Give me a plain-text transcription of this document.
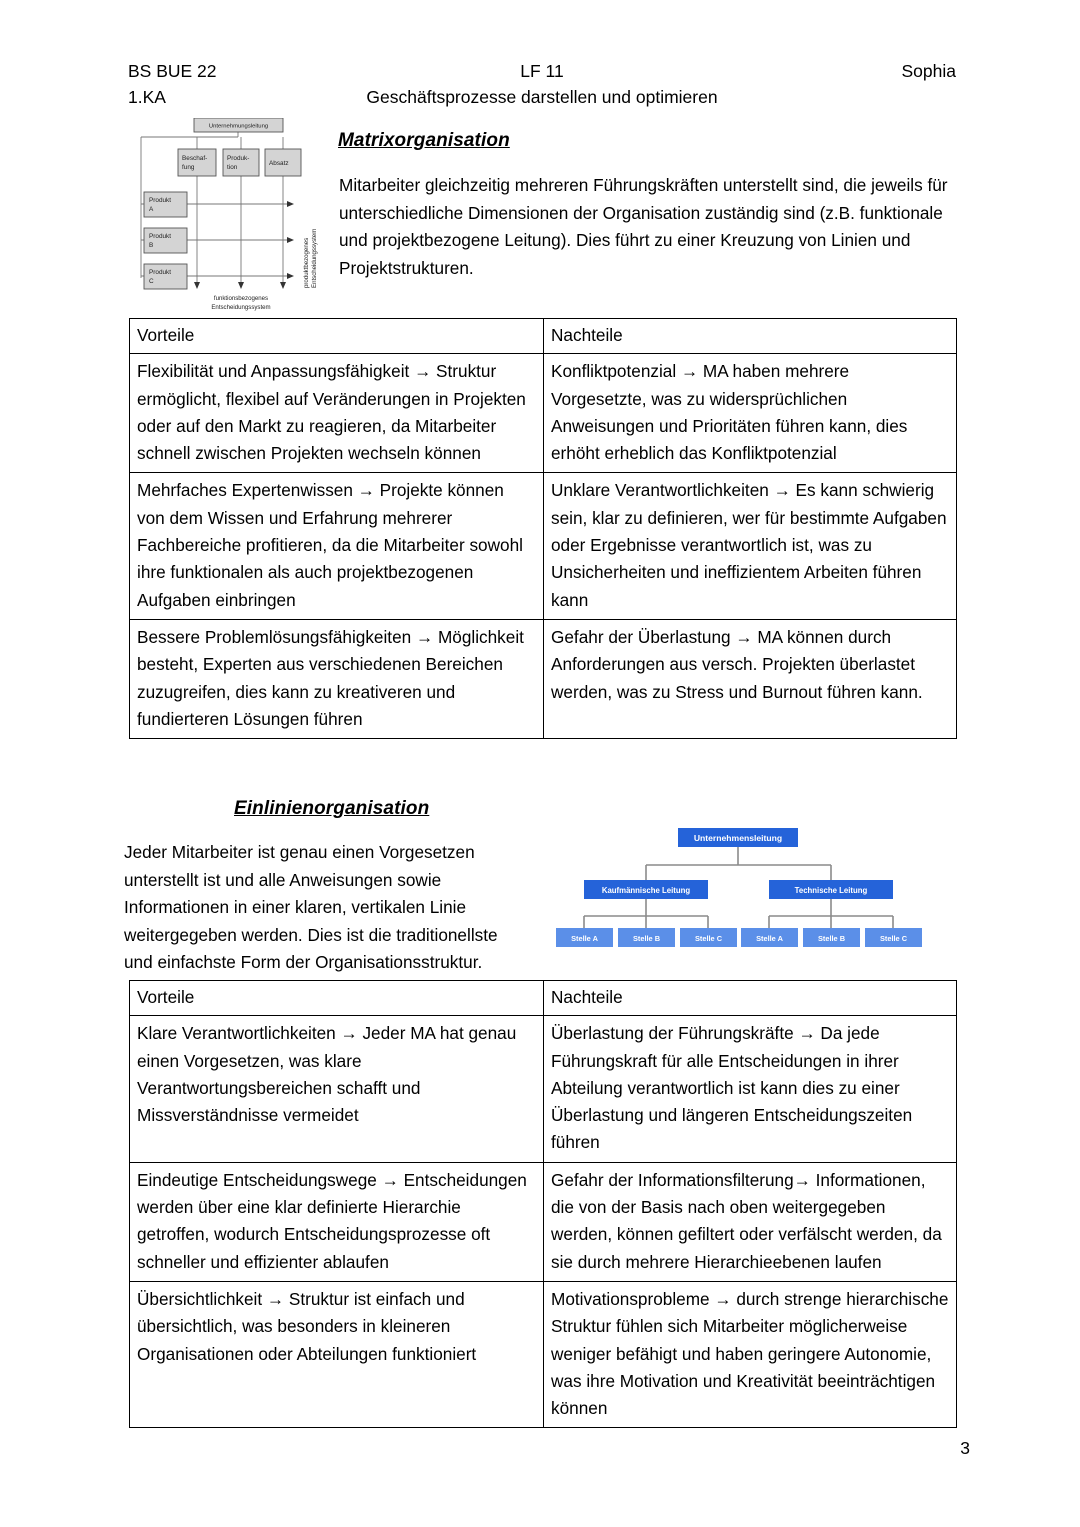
BS BUE 22	LF 11	Sophia
1.KA	Geschäftsprozesse darstellen und optimieren
Unternehmungsleitung
Beschaf-
fung
Produk-
tion
Absatz
Produkt
A
Produkt
B
Produkt
C	produktbezogenes Entscheidungssystem
funktionsbezogenes
Entscheidungssystem
Matrixorganisation
Mitarbeiter gleichzeitig mehreren Führungskräften unterstellt sind, die jeweils für unterschiedliche Dimensionen der Organisation zuständig sind (z.B. funktionale und projektbezogene Leitung). Dies führt zu einer Kreuzung von Linien und Projektstrukturen.
Vorteile	Nachteile
Flexibilität und Anpassungsfähigkeit → Struktur ermöglicht, flexibel auf Veränderungen in Projekten oder auf den Markt zu reagieren, da Mitarbeiter schnell zwischen Projekten wechseln können	Konfliktpotenzial → MA haben mehrere Vorgesetzte, was zu widersprüchlichen Anweisungen und Prioritäten führen kann, dies erhöht erheblich das Konfliktpotenzial
Mehrfaches Expertenwissen → Projekte können von dem Wissen und Erfahrung mehrerer Fachbereiche profitieren, da die Mitarbeiter sowohl ihre funktionalen als auch projektbezogenen Aufgaben einbringen	Unklare Verantwortlichkeiten → Es kann schwierig sein, klar zu definieren, wer für bestimmte Aufgaben oder Ergebnisse verantwortlich ist, was zu Unsicherheiten und ineffizientem Arbeiten führen kann
Bessere Problemlösungsfähigkeiten → Möglichkeit besteht, Experten aus verschiedenen Bereichen zuzugreifen, dies kann zu kreativeren und fundierteren Lösungen führen	Gefahr der Überlastung → MA können durch Anforderungen aus versch. Projekten überlastet werden, was zu Stress und Burnout führen kann.
Einlinienorganisation
Jeder Mitarbeiter ist genau einen Vorgesetzen unterstellt ist und alle Anweisungen sowie Informationen in einer klaren, vertikalen Linie weitergegeben werden. Dies ist die traditionellste und einfachste Form der Organisationsstruktur.
Unternehmensleitung
Kaufmännische Leitung	Technische Leitung
Stelle A	Stelle B	Stelle C	Stelle A	Stelle B	Stelle C
Vorteile	Nachteile
Klare Verantwortlichkeiten → Jeder MA hat genau einen Vorgesetzen, was klare Verantwortungsbereichen schafft und Missverständnisse vermeidet	Überlastung der Führungskräfte → Da jede Führungskraft für alle Entscheidungen in ihrer Abteilung verantwortlich ist kann dies zu einer Überlastung und längeren Entscheidungszeiten führen
Eindeutige Entscheidungswege → Entscheidungen werden über eine klar definierte Hierarchie getroffen, wodurch Entscheidungsprozesse oft schneller und effizienter ablaufen	Gefahr der Informationsfilterung→ Informationen, die von der Basis nach oben weitergegeben werden, können gefiltert oder verfälscht werden, da sie durch mehrere Hierarchieebenen laufen
Übersichtlichkeit → Struktur ist einfach und übersichtlich, was besonders in kleineren Organisationen oder Abteilungen funktioniert	Motivationsprobleme → durch strenge hierarchische Struktur fühlen sich Mitarbeiter möglicherweise weniger befähigt und haben geringere Autonomie, was ihre Motivation und Kreativität beeinträchtigen können
3
